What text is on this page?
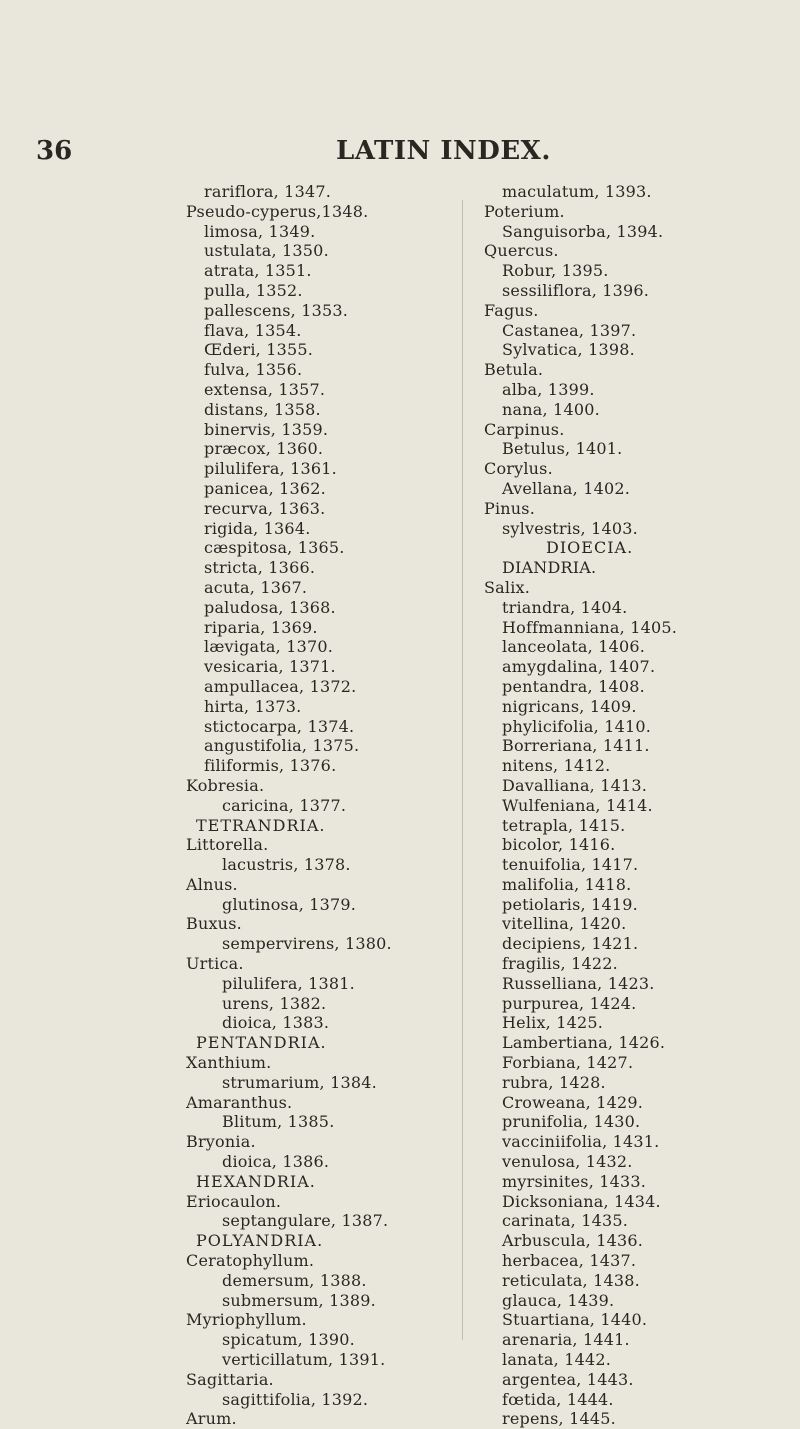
36	LATIN INDEX.
rariflora, 1347.
Pseudo-cyperus,1348.
limosa, 1349.
ustulata, 1350.
atrata, 1351.
pulla, 1352.
pallescens, 1353.
flava, 1354.
Œderi, 1355.
fulva, 1356.
extensa, 1357.
distans, 1358.
binervis, 1359.
præcox, 1360.
pilulifera, 1361.
panicea, 1362.
recurva, 1363.
rigida, 1364.
cæspitosa, 1365.
stricta, 1366.
acuta, 1367.
paludosa, 1368.
riparia, 1369.
lævigata, 1370.
vesicaria, 1371.
ampullacea, 1372.
hirta, 1373.
stictocarpa, 1374.
angustifolia, 1375.
filiformis, 1376.
Kobresia.
caricina, 1377.
TETRANDRIA.
Littorella.
lacustris, 1378.
Alnus.
glutinosa, 1379.
Buxus.
sempervirens, 1380.
Urtica.
pilulifera, 1381.
urens, 1382.
dioica, 1383.
PENTANDRIA.
Xanthium.
strumarium, 1384.
Amaranthus.
Blitum, 1385.
Bryonia.
dioica, 1386.
HEXANDRIA.
Eriocaulon.
septangulare, 1387.
POLYANDRIA.
Ceratophyllum.
demersum, 1388.
submersum, 1389.
Myriophyllum.
spicatum, 1390.
verticillatum, 1391.
Sagittaria.
sagittifolia, 1392.
Arum.
maculatum, 1393.
Poterium.
Sanguisorba, 1394.
Quercus.
Robur, 1395.
sessiliflora, 1396.
Fagus.
Castanea, 1397.
Sylvatica, 1398.
Betula.
alba, 1399.
nana, 1400.
Carpinus.
Betulus, 1401.
Corylus.
Avellana, 1402.
Pinus.
sylvestris, 1403.
DIOECIA.
DIANDRIA.
Salix.
triandra, 1404.
Hoffmanniana, 1405.
lanceolata, 1406.
amygdalina, 1407.
pentandra, 1408.
nigricans, 1409.
phylicifolia, 1410.
Borreriana, 1411.
nitens, 1412.
Davalliana, 1413.
Wulfeniana, 1414.
tetrapla, 1415.
bicolor, 1416.
tenuifolia, 1417.
malifolia, 1418.
petiolaris, 1419.
vitellina, 1420.
decipiens, 1421.
fragilis, 1422.
Russelliana, 1423.
purpurea, 1424.
Helix, 1425.
Lambertiana, 1426.
Forbiana, 1427.
rubra, 1428.
Croweana, 1429.
prunifolia, 1430.
vacciniifolia, 1431.
venulosa, 1432.
myrsinites, 1433.
Dicksoniana, 1434.
carinata, 1435.
Arbuscula, 1436.
herbacea, 1437.
reticulata, 1438.
glauca, 1439.
Stuartiana, 1440.
arenaria, 1441.
lanata, 1442.
argentea, 1443.
fœtida, 1444.
repens, 1445.
